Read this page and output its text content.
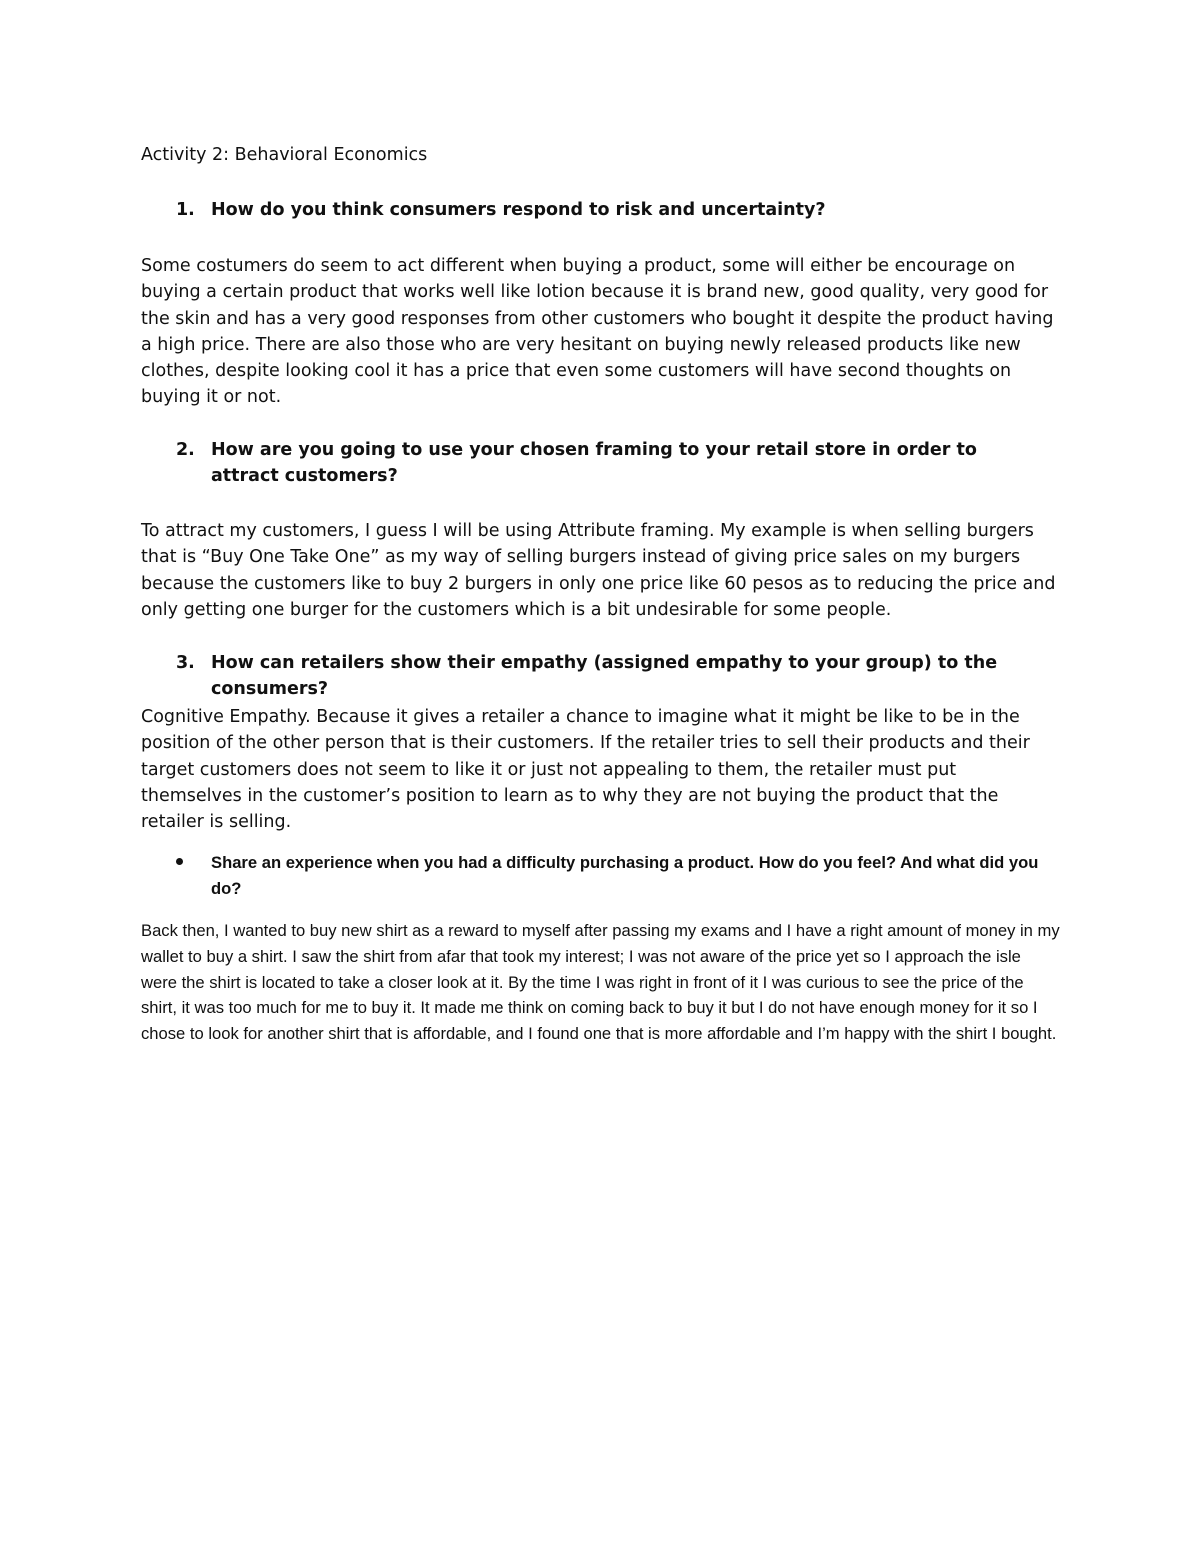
Activity 2: Behavioral Economics

1. How do you think consumers respond to risk and uncertainty?

Some costumers do seem to act different when buying a product, some will either be encourage on buying a certain product that works well like lotion because it is brand new, good quality, very good for the skin and has a very good responses from other customers who bought it despite the product having a high price. There are also those who are very hesitant on buying newly released products like new clothes, despite looking cool it has a price that even some customers will have second thoughts on buying it or not.

2. How are you going to use your chosen framing to your retail store in order to attract customers?

To attract my customers, I guess I will be using Attribute framing. My example is when selling burgers that is “Buy One Take One” as my way of selling burgers instead of giving price sales on my burgers because the customers like to buy 2 burgers in only one price like 60 pesos as to reducing the price and only getting one burger for the customers which is a bit undesirable for some people.

3. How can retailers show their empathy (assigned empathy to your group) to the consumers?

Cognitive Empathy. Because it gives a retailer a chance to imagine what it might be like to be in the position of the other person that is their customers. If the retailer tries to sell their products and their target customers does not seem to like it or just not appealing to them, the retailer must put themselves in the customer’s position to learn as to why they are not buying the product that the retailer is selling.

Share an experience when you had a difficulty purchasing a product. How do you feel? And what did you do?

Back then, I wanted to buy new shirt as a reward to myself after passing my exams and I have a right amount of money in my wallet to buy a shirt. I saw the shirt from afar that took my interest; I was not aware of the price yet so I approach the isle were the shirt is located to take a closer look at it. By the time I was right in front of it I was curious to see the price of the shirt, it was too much for me to buy it. It made me think on coming back to buy it but I do not have enough money for it so I chose to look for another shirt that is affordable, and I found one that is more affordable and I’m happy with the shirt I bought.
